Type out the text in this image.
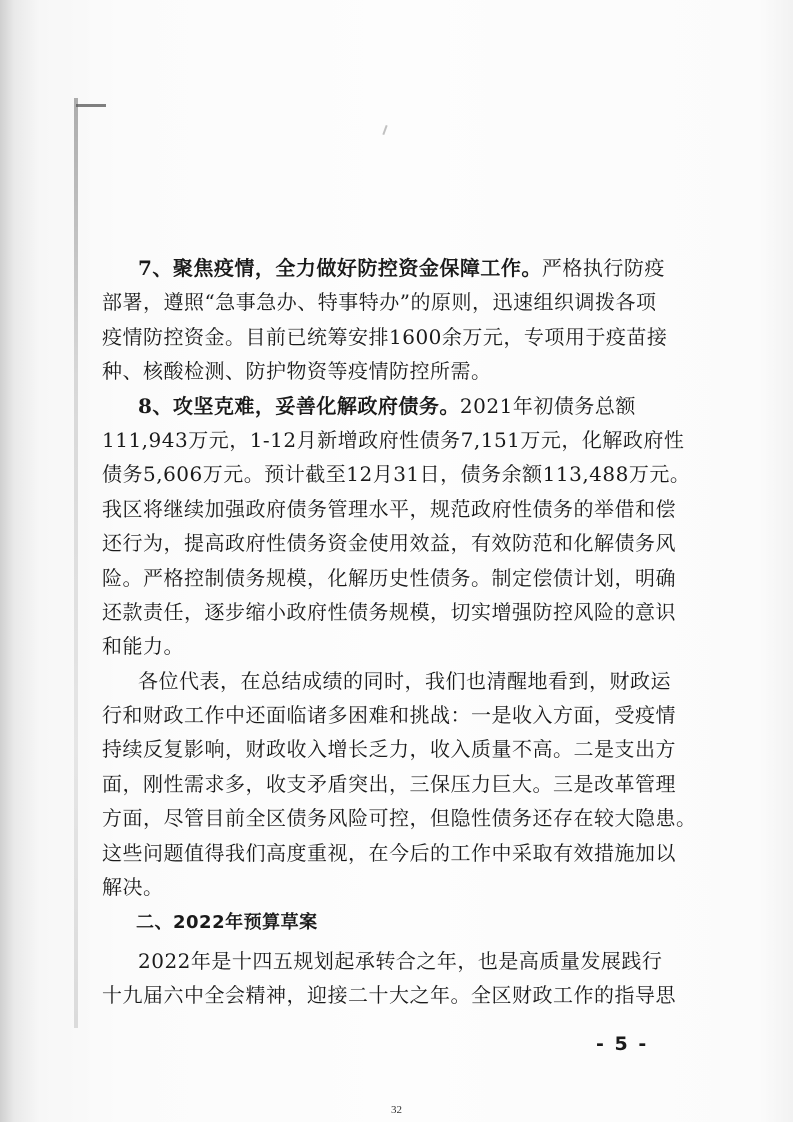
7、聚焦疫情，全力做好防控资金保障工作。严格执行防疫
部署，遵照“急事急办、特事特办”的原则，迅速组织调拨各项
疫情防控资金。目前已统筹安排1600余万元，专项用于疫苗接
种、核酸检测、防护物资等疫情防控所需。
8、攻坚克难，妥善化解政府债务。2021年初债务总额
111,943万元，1-12月新增政府性债务7,151万元，化解政府性
债务5,606万元。预计截至12月31日，债务余额113,488万元。
我区将继续加强政府债务管理水平，规范政府性债务的举借和偿
还行为，提高政府性债务资金使用效益，有效防范和化解债务风
险。严格控制债务规模，化解历史性债务。制定偿债计划，明确
还款责任，逐步缩小政府性债务规模，切实增强防控风险的意识
和能力。
各位代表，在总结成绩的同时，我们也清醒地看到，财政运
行和财政工作中还面临诸多困难和挑战：一是收入方面，受疫情
持续反复影响，财政收入增长乏力，收入质量不高。二是支出方
面，刚性需求多，收支矛盾突出，三保压力巨大。三是改革管理
方面，尽管目前全区债务风险可控，但隐性债务还存在较大隐患。
这些问题值得我们高度重视，在今后的工作中采取有效措施加以
解决。
二、2022年预算草案
2022年是十四五规划起承转合之年，也是高质量发展践行
十九届六中全会精神，迎接二十大之年。全区财政工作的指导思
- 5 -
32
